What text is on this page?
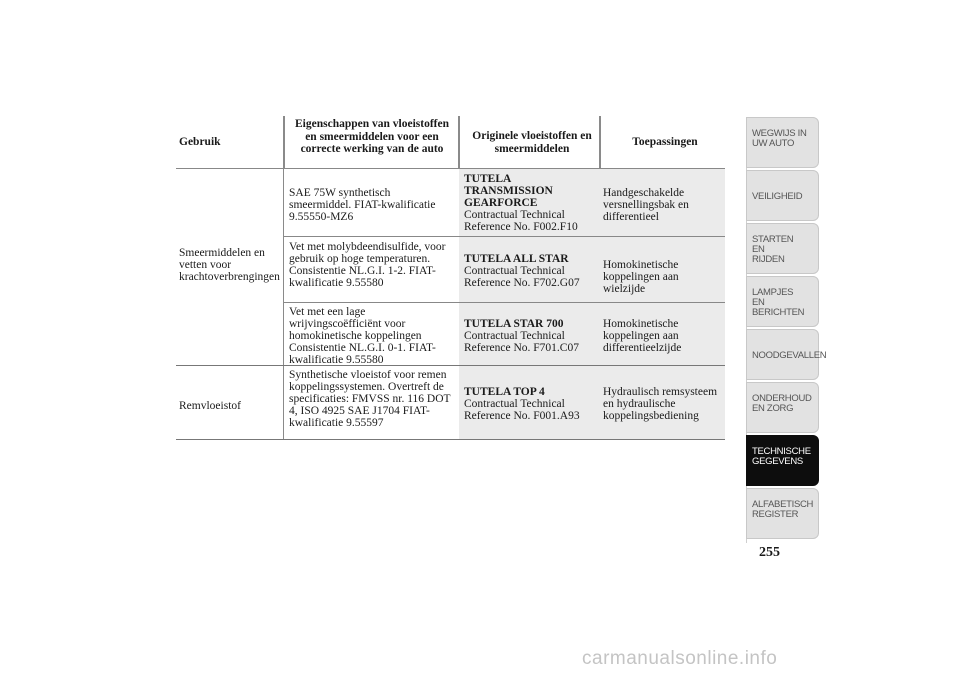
Gebruik
Eigenschappen van vloeistoffen en smeermiddelen voor een correcte werking van de auto
Originele vloeistoffen en smeermiddelen
Toepassingen
Smeermiddelen en vetten voor krachtoverbrengingen
SAE 75W synthetisch smeermiddel. FIAT-kwalificatie 9.55550-MZ6
TUTELA TRANSMISSION GEARFORCE
Contractual Technical Reference No. F002.F10
Handgeschakelde versnellingsbak en differentieel
Vet met molybdeendisulfide, voor gebruik op hoge temperaturen. Consistentie NL.G.I. 1-2. FIAT-kwalificatie 9.55580
TUTELA ALL STAR
Contractual Technical Reference No. F702.G07
Homokinetische koppelingen aan wielzijde
Vet met een lage wrijvingscoëfficiënt voor homokinetische koppelingen Consistentie NL.G.I. 0-1. FIAT-kwalificatie 9.55580
TUTELA STAR 700
Contractual Technical Reference No. F701.C07
Homokinetische koppelingen aan differentieelzijde
Remvloeistof
Synthetische vloeistof voor remen koppelingssystemen. Overtreft de specificaties: FMVSS nr. 116 DOT 4, ISO 4925 SAE J1704 FIAT-kwalificatie 9.55597
TUTELA TOP 4
Contractual Technical Reference No. F001.A93
Hydraulisch remsysteem en hydraulische koppelingsbediening
WEGWIJS IN UW AUTO
VEILIGHEID
STARTEN EN RIJDEN
LAMPJES EN BERICHTEN
NOODGEVALLEN
ONDERHOUD EN ZORG
TECHNISCHE GEGEVENS
ALFABETISCH REGISTER
255
carmanualsonline.info
